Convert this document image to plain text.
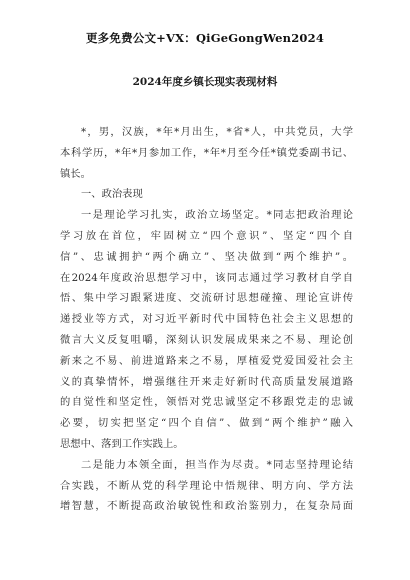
更多免费公文+VX：QiGeGongWen2024
2024年度乡镇长现实表现材料
*，男，汉族，*年*月出生，*省*人，中共党员，大学
本科学历，*年*月参加工作，*年*月至今任*镇党委副书记、
镇长。
一、政治表现
一是理论学习扎实，政治立场坚定。*同志把政治理论
学习放在首位，牢固树立“四个意识”、坚定“四个自
信”、忠诚拥护“两个确立”、坚决做到“两个维护”。
在2024年度政治思想学习中，该同志通过学习教材自学自
悟、集中学习跟紧进度、交流研讨思想碰撞、理论宣讲传
递授业等方式，对习近平新时代中国特色社会主义思想的
微言大义反复咀嚼，深刻认识发展成果来之不易、理论创
新来之不易、前进道路来之不易，厚植爱党爱国爱社会主
义的真挚情怀，增强继往开来走好新时代高质量发展道路
的自觉性和坚定性，领悟对党忠诚坚定不移跟党走的忠诚
必要，切实把坚定“四个自信”、做到“两个维护”融入
思想中、落到工作实践上。
二是能力本领全面，担当作为尽责。*同志坚持理论结
合实践，不断从党的科学理论中悟规律、明方向、学方法
增智慧，不断提高政治敏锐性和政治鉴别力，在复杂局面
